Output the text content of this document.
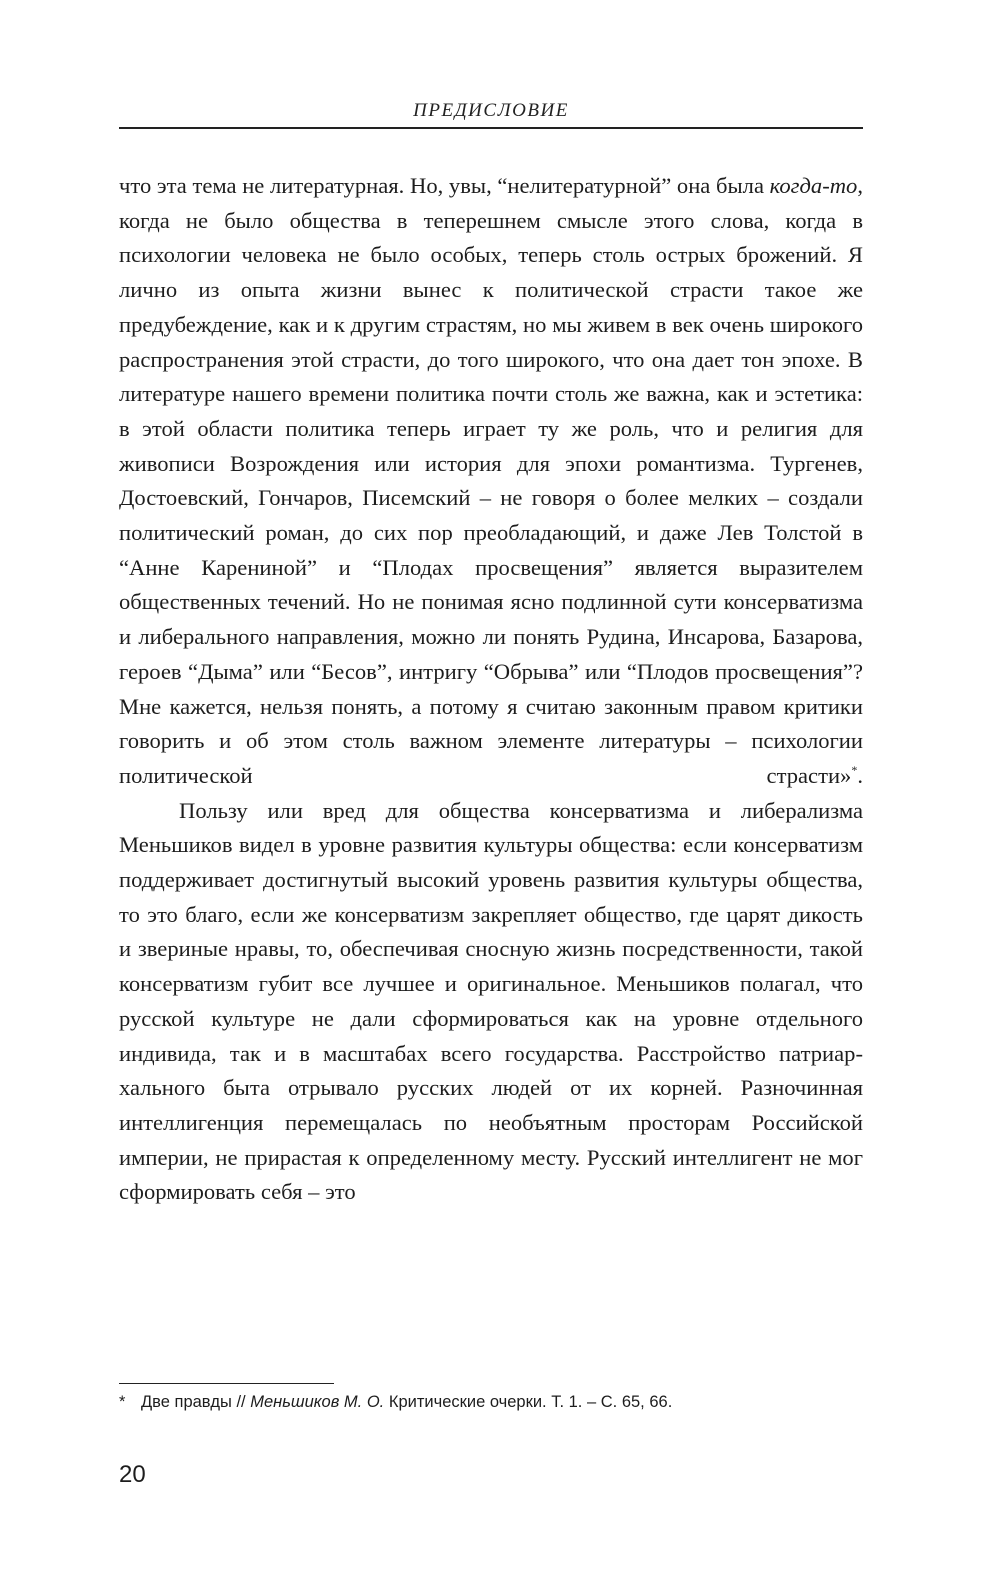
ПРЕДИСЛОВИЕ

что эта тема не литературная. Но, увы, “нелитературной” она была когда-то, когда не было общества в теперешнем смысле этого слова, когда в психологии человека не было особых, теперь столь острых брожений. Я лично из опыта жизни вынес к политической страсти такое же предубеждение, как и к другим страстям, но мы живем в век очень широкого распространения этой страсти, до того широкого, что она дает тон эпохе. В литературе нашего времени политика почти столь же важна, как и эстетика: в этой области политика теперь играет ту же роль, что и религия для живописи Возрождения или история для эпохи романтизма. Тургенев, Достоевский, Гончаров, Писемский – не говоря о более мелких – создали политический роман, до сих пор преобладающий, и даже Лев Толстой в “Анне Карениной” и “Плодах просвещения” является выразителем общественных течений. Но не понимая ясно подлинной сути консерватизма и либерального направления, можно ли понять Рудина, Инсарова, Базарова, героев “Дыма” или “Бесов”, интригу “Обрыва” или “Плодов просвещения”? Мне кажется, нельзя понять, а потому я считаю законным правом критики говорить и об этом столь важном элементе литературы – психологии политической страсти»*.

Пользу или вред для общества консерватизма и либерализма Меньшиков видел в уровне развития культуры общества: если консерватизм поддерживает достигнутый высокий уровень развития культуры общества, то это благо, если же консерватизм закрепляет общество, где царят дикость и звериные нравы, то, обеспечивая сносную жизнь посредственности, такой консерватизм губит все лучшее и оригинальное. Меньшиков полагал, что русской культуре не дали сформироваться как на уровне отдельного индивида, так и в масштабах всего государства. Расстройство патриархального быта отрывало русских людей от их корней. Разночинная интеллигенция перемещалась по необъятным просторам Российской империи, не прирастая к определенному месту. Русский интеллигент не мог сформировать себя – это

* Две правды // Меньшиков М. О. Критические очерки. Т. 1. – С. 65, 66.
20
